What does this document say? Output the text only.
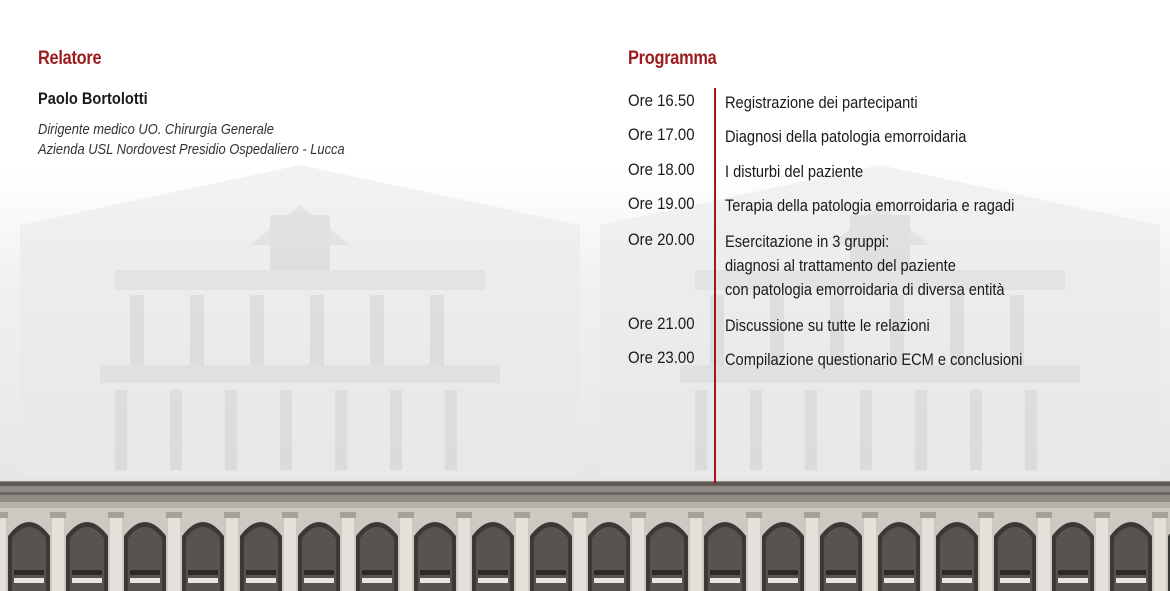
Relatore
Paolo Bortolotti
Dirigente medico UO. Chirurgia Generale
Azienda USL Nordovest Presidio Ospedaliero - Lucca
Programma
Ore 16.50 Registrazione dei partecipanti
Ore 17.00 Diagnosi della patologia emorroidaria
Ore 18.00 I disturbi del paziente
Ore 19.00 Terapia della patologia emorroidaria e ragadi
Ore 20.00 Esercitazione in 3 gruppi:
diagnosi al trattamento del paziente
con patologia emorroidaria di diversa entità
Ore 21.00 Discussione su tutte le relazioni
Ore 23.00 Compilazione questionario ECM e conclusioni
